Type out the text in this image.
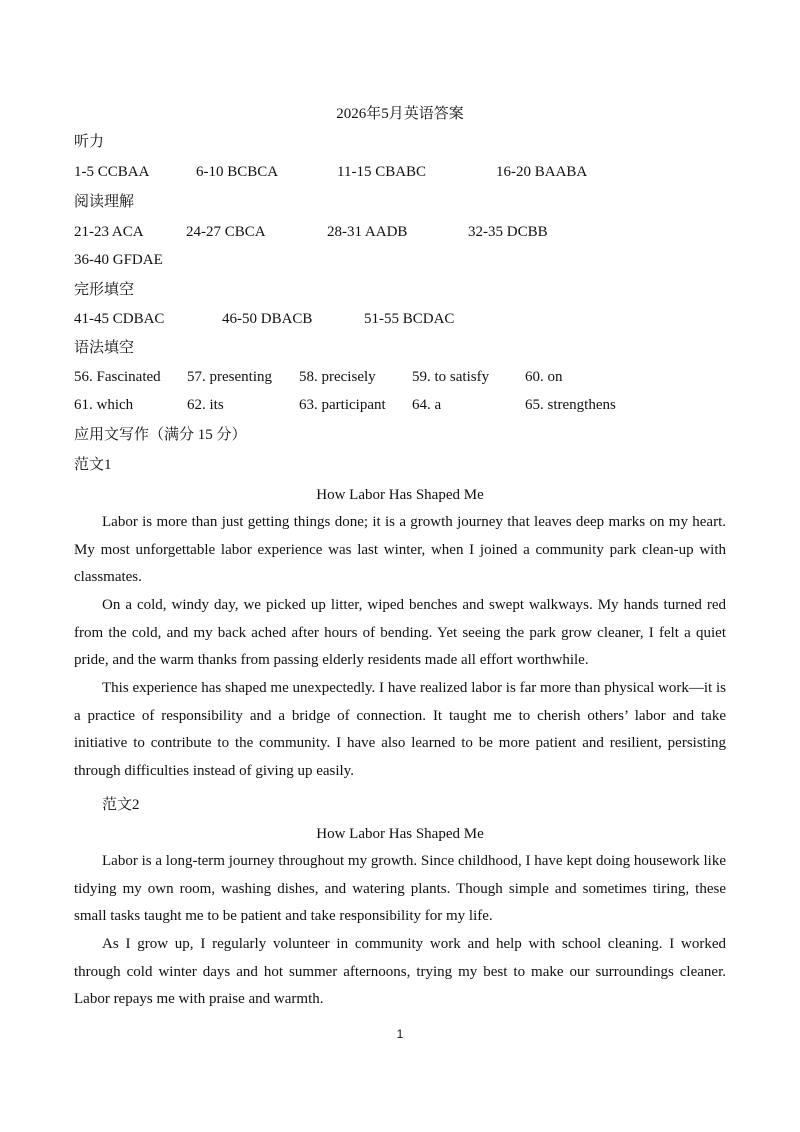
2026年5月英语答案
听力
1-5 CCBAA	6-10 BCBCA	11-15 CBABC	16-20 BAABA
阅读理解
21-23 ACA	24-27 CBCA	28-31 AADB	32-35 DCBB
36-40 GFDAE
完形填空
41-45 CDBAC	46-50 DBACB	51-55 BCDAC
语法填空
56. Fascinated 57. presenting 58. precisely 59. to satisfy 60. on
61. which	62. its	63. participant 64. a	65. strengthens
应用文写作（满分 15 分）
范文1
How Labor Has Shaped Me
Labor is more than just getting things done; it is a growth journey that leaves deep marks on my heart. My most unforgettable labor experience was last winter, when I joined a community park clean-up with classmates.
On a cold, windy day, we picked up litter, wiped benches and swept walkways. My hands turned red from the cold, and my back ached after hours of bending. Yet seeing the park grow cleaner, I felt a quiet pride, and the warm thanks from passing elderly residents made all effort worthwhile.
This experience has shaped me unexpectedly. I have realized labor is far more than physical work—it is a practice of responsibility and a bridge of connection. It taught me to cherish others’ labor and take initiative to contribute to the community. I have also learned to be more patient and resilient, persisting through difficulties instead of giving up easily.
范文2
How Labor Has Shaped Me
Labor is a long-term journey throughout my growth. Since childhood, I have kept doing housework like tidying my own room, washing dishes, and watering plants. Though simple and sometimes tiring, these small tasks taught me to be patient and take responsibility for my life.
As I grow up, I regularly volunteer in community work and help with school cleaning. I worked through cold winter days and hot summer afternoons, trying my best to make our surroundings cleaner. Labor repays me with praise and warmth.
1
